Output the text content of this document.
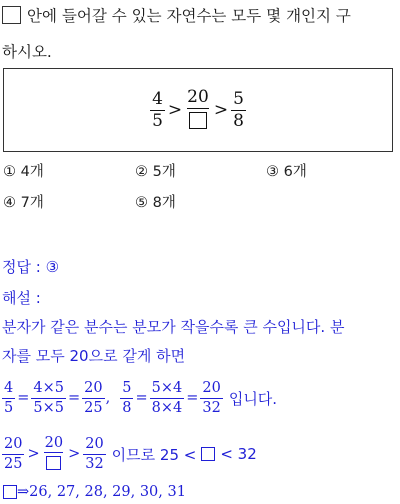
안에 들어갈 수 있는 자연수는 모두 몇 개인지 구
하시오.
$\frac{4}{5}$ >
20
> $\frac{5}{8}$
① 4개	② 5개	③ 6개
④ 7개	⑤ 8개
정답 : ③
해설 :
분자가 같은 분수는 분모가 작을수록 큰 수입니다. 분
자를 모두 20으로 같게 하면
$\frac{4}{5} = \frac{4\times 5}{5\times 5} = \frac{20}{25}$ , $\frac{5}{8} = \frac{5\times 4}{8\times 4} = \frac{20}{32}$ 입니다.
$\frac{20}{25}$ >
20
> $\frac{20}{32}$ 이므로 25 < < 32
⇒26, 27, 28, 29, 30, 31
